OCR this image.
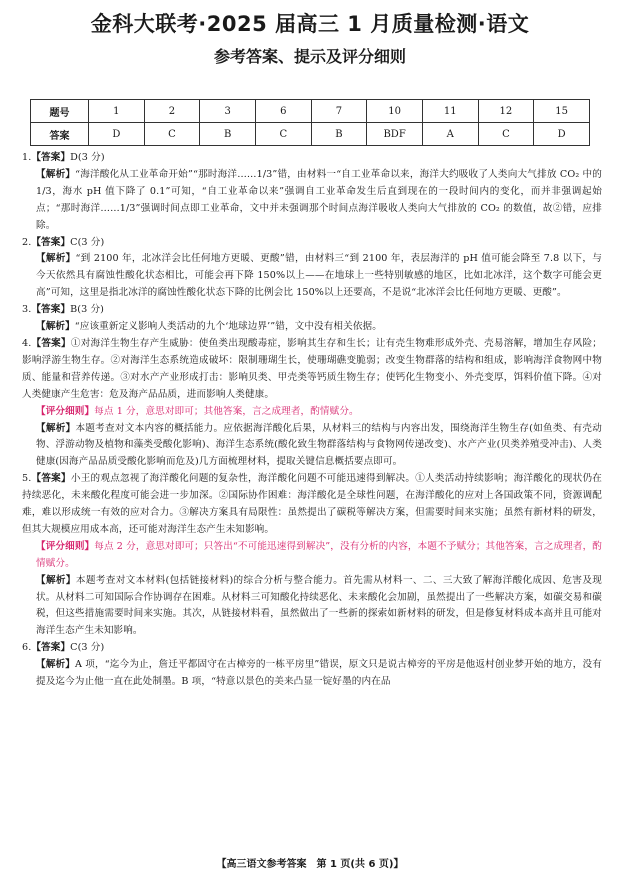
金科大联考·2025 届高三 1 月质量检测·语文
参考答案、提示及评分细则
题号	1	2	3	6	7	10	11	12	15
答案	D	C	B	C	B	BDF	A	C	D

1.【答案】D(3 分)

【解析】“海洋酸化从工业革命开始”“那时海洋……1/3”错，由材料一“自工业革命以来，海洋大约吸收了人类向大气排放 CO₂ 中的 1/3，海水 pH 值下降了 0.1”可知，“自工业革命以来”强调自工业革命发生后直到现在的一段时间内的变化，而并非强调起始点；“那时海洋……1/3”强调时间点即工业革命，文中并未强调那个时间点海洋吸收人类向大气排放的 CO₂ 的数值，故②错，应排除。

2.【答案】C(3 分)

【解析】“到 2100 年，北冰洋会比任何地方更暖、更酸”错，由材料三“到 2100 年，表层海洋的 pH 值可能会降至 7.8 以下，与今天依然具有腐蚀性酸化状态相比，可能会再下降 150%以上——在地球上一些特别敏感的地区，比如北冰洋，这个数字可能会更高”可知，这里是指北冰洋的腐蚀性酸化状态下降的比例会比 150%以上还要高，不是说“北冰洋会比任何地方更暖、更酸”。

3.【答案】B(3 分)

【解析】“应该重新定义影响人类活动的九个‘地球边界’”错，文中没有相关依据。

4.【答案】①对海洋生物生存产生威胁：使鱼类出现酸毒症，影响其生存和生长；让有壳生物难形成外壳、壳易溶解，增加生存风险；影响浮游生物生存。②对海洋生态系统造成破坏：限制珊瑚生长，使珊瑚礁变脆弱；改变生物群落的结构和组成，影响海洋食物网中物质、能量和营养传递。③对水产产业形成打击：影响贝类、甲壳类等钙质生物生存；使钙化生物变小、外壳变厚，饵料价值下降。④对人类健康产生危害：危及海产品品质，进而影响人类健康。

【评分细则】每点 1 分，意思对即可；其他答案，言之成理者，酌情赋分。

【解析】本题考查对文本内容的概括能力。应依据海洋酸化后果，从材料三的结构与内容出发，围绕海洋生物生存(如鱼类、有壳动物、浮游动物及植物和藻类受酸化影响)、海洋生态系统(酸化致生物群落结构与食物网传递改变)、水产产业(贝类养殖受冲击)、人类健康(因海产品品质受酸化影响而危及)几方面梳理材料，提取关键信息概括要点即可。

5.【答案】小王的观点忽视了海洋酸化问题的复杂性，海洋酸化问题不可能迅速得到解决。①人类活动持续影响；海洋酸化的现状仍在持续恶化，未来酸化程度可能会进一步加深。②国际协作困难：海洋酸化是全球性问题，在海洋酸化的应对上各国政策不同，资源调配难，难以形成统一有效的应对合力。③解决方案具有局限性：虽然提出了碳税等解决方案，但需要时间来实施；虽然有新材料的研发，但其大规模应用成本高，还可能对海洋生态产生未知影响。

【评分细则】每点 2 分，意思对即可；只答出“不可能迅速得到解决”，没有分析的内容，本题不予赋分；其他答案，言之成理者，酌情赋分。

【解析】本题考查对文本材料(包括链接材料)的综合分析与整合能力。首先需从材料一、二、三大致了解海洋酸化成因、危害及现状。从材料二可知国际合作协调存在困难。从材料三可知酸化持续恶化、未来酸化会加剧，虽然提出了一些解决方案，如碳交易和碳税，但这些措施需要时间来实施。其次，从链接材料看，虽然做出了一些新的探索如新材料的研发，但是修复材料成本高并且可能对海洋生态产生未知影响。

6.【答案】C(3 分)

【解析】A 项，“迄今为止，詹迁平都固守在古樟旁的一栋平房里”错误，原文只是说古樟旁的平房是他返村创业梦开始的地方，没有提及迄今为止他一直在此处制墨。B 项，“特意以景色的美来凸显一锭好墨的内在品

【高三语文参考答案　第 1 页(共 6 页)】
